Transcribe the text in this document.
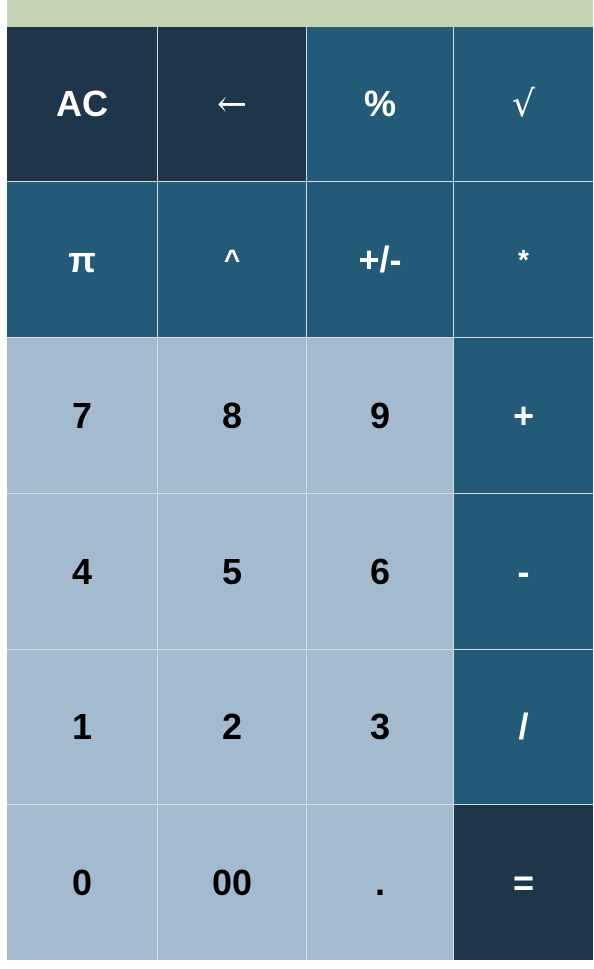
AC	←	%	√
π	^	+/-	*
7	8	9	+
4	5	6	-
1	2	3	/
0	00	.	=
